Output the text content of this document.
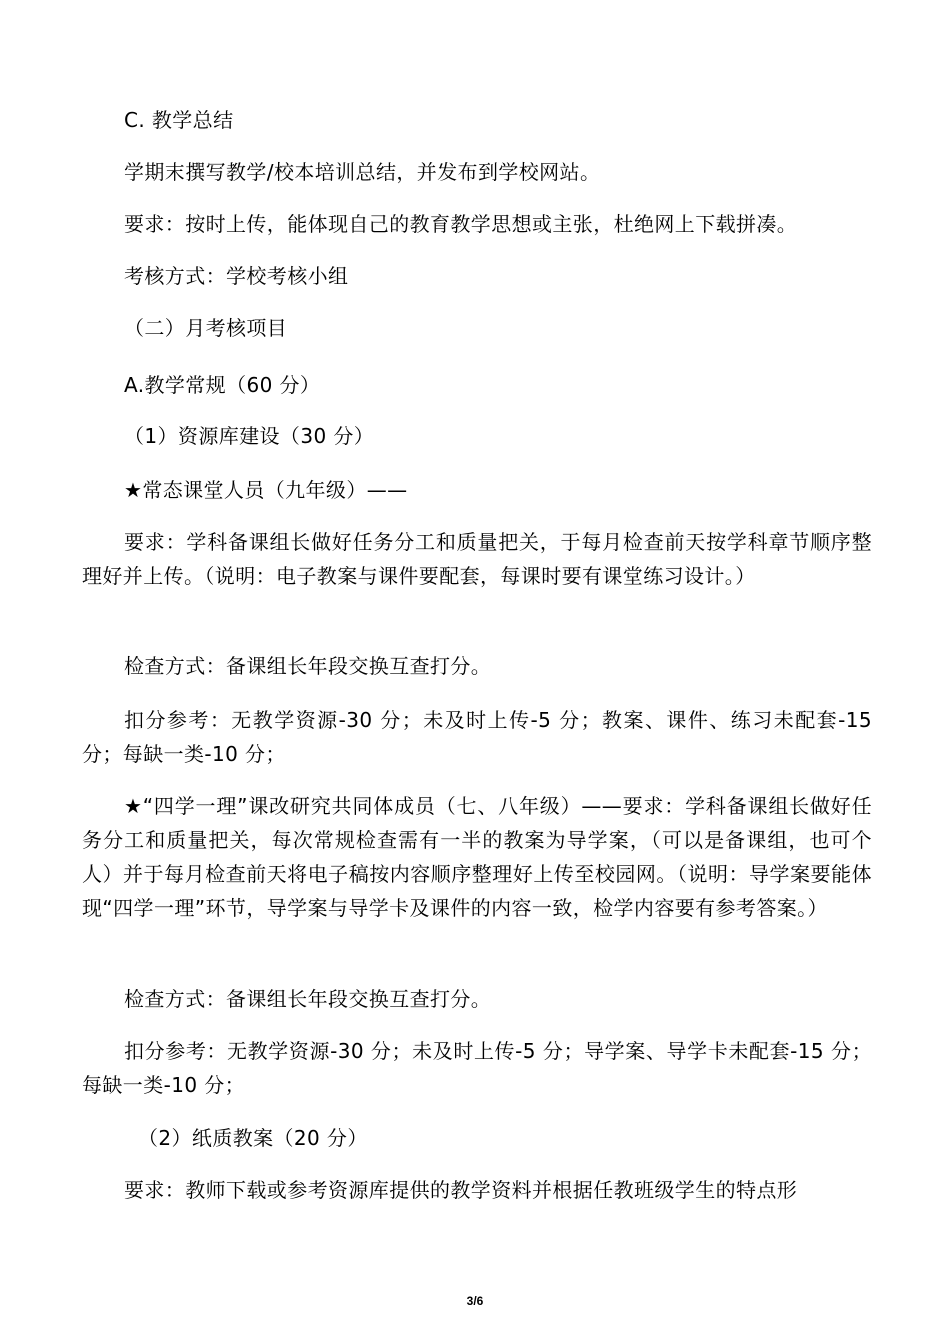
C. 教学总结

学期末撰写教学/校本培训总结，并发布到学校网站。

要求：按时上传，能体现自己的教育教学思想或主张，杜绝网上下载拼凑。

考核方式：学校考核小组

（二）月考核项目

A.教学常规（60 分）

（1）资源库建设（30 分）

★常态课堂人员（九年级）——

要求：学科备课组长做好任务分工和质量把关，于每月检查前天按学科章节顺序整理好并上传。（说明：电子教案与课件要配套，每课时要有课堂练习设计。）

检查方式：备课组长年段交换互查打分。

扣分参考：无教学资源-30 分；未及时上传-5 分；教案、课件、练习未配套-15 分；每缺一类-10 分；

★“四学一理”课改研究共同体成员（七、八年级）——要求：学科备课组长做好任务分工和质量把关，每次常规检查需有一半的教案为导学案，（可以是备课组，也可个人）并于每月检查前天将电子稿按内容顺序整理好上传至校园网。（说明：导学案要能体现“四学一理”环节，导学案与导学卡及课件的内容一致，检学内容要有参考答案。）

检查方式：备课组长年段交换互查打分。

扣分参考：无教学资源-30 分；未及时上传-5 分；导学案、导学卡未配套-15 分；每缺一类-10 分；

（2）纸质教案（20 分）

要求：教师下载或参考资源库提供的教学资料并根据任教班级学生的特点形

3/6
